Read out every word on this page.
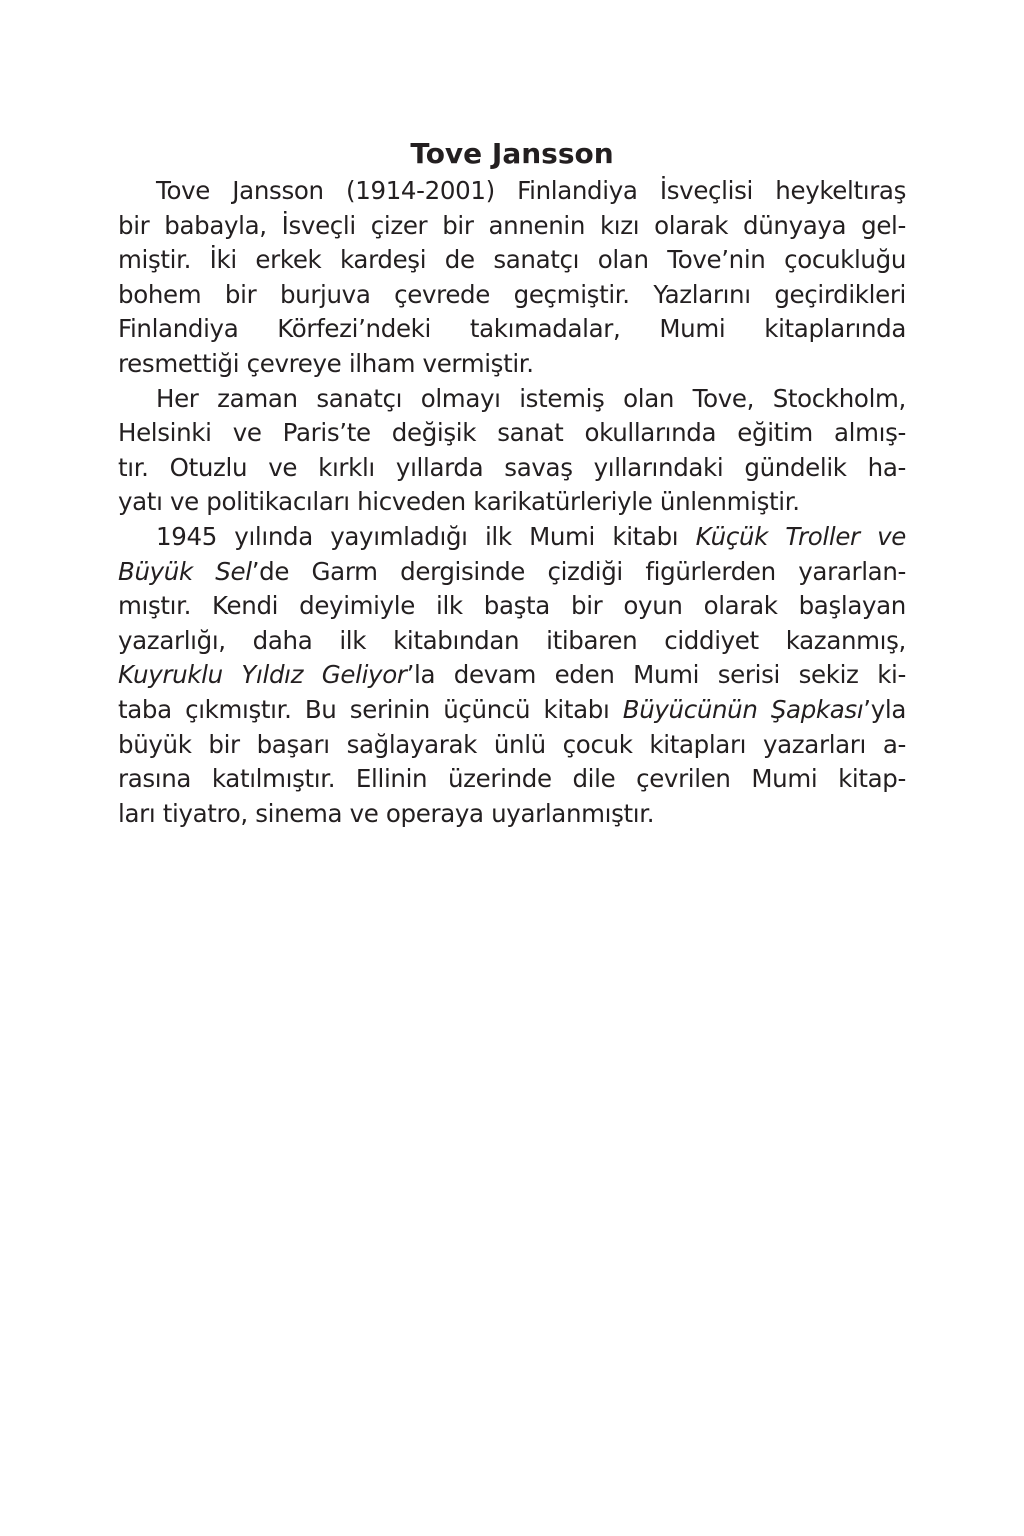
Tove Jansson

Tove Jansson (1914-2001) Finlandiya İsveçlisi heykeltıraş
bir babayla, İsveçli çizer bir annenin kızı olarak dünyaya gel-
miştir. İki erkek kardeşi de sanatçı olan Tove’nin çocukluğu
bohem bir burjuva çevrede geçmiştir. Yazlarını geçirdikleri
Finlandiya Körfezi’ndeki takımadalar, Mumi kitaplarında
resmettiği çevreye ilham vermiştir.

Her zaman sanatçı olmayı istemiş olan Tove, Stockholm,
Helsinki ve Paris’te değişik sanat okullarında eğitim almış-
tır. Otuzlu ve kırklı yıllarda savaş yıllarındaki gündelik ha-
yatı ve politikacıları hicveden karikatürleriyle ünlenmiştir.

1945 yılında yayımladığı ilk Mumi kitabı Küçük Troller ve
Büyük Sel’de Garm dergisinde çizdiği figürlerden yararlan-
mıştır. Kendi deyimiyle ilk başta bir oyun olarak başlayan
yazarlığı, daha ilk kitabından itibaren ciddiyet kazanmış,
Kuyruklu Yıldız Geliyor’la devam eden Mumi serisi sekiz ki-
taba çıkmıştır. Bu serinin üçüncü kitabı Büyücünün Şapkası’yla
büyük bir başarı sağlayarak ünlü çocuk kitapları yazarları a-
rasına katılmıştır. Ellinin üzerinde dile çevrilen Mumi kitap-
ları tiyatro, sinema ve operaya uyarlanmıştır.
